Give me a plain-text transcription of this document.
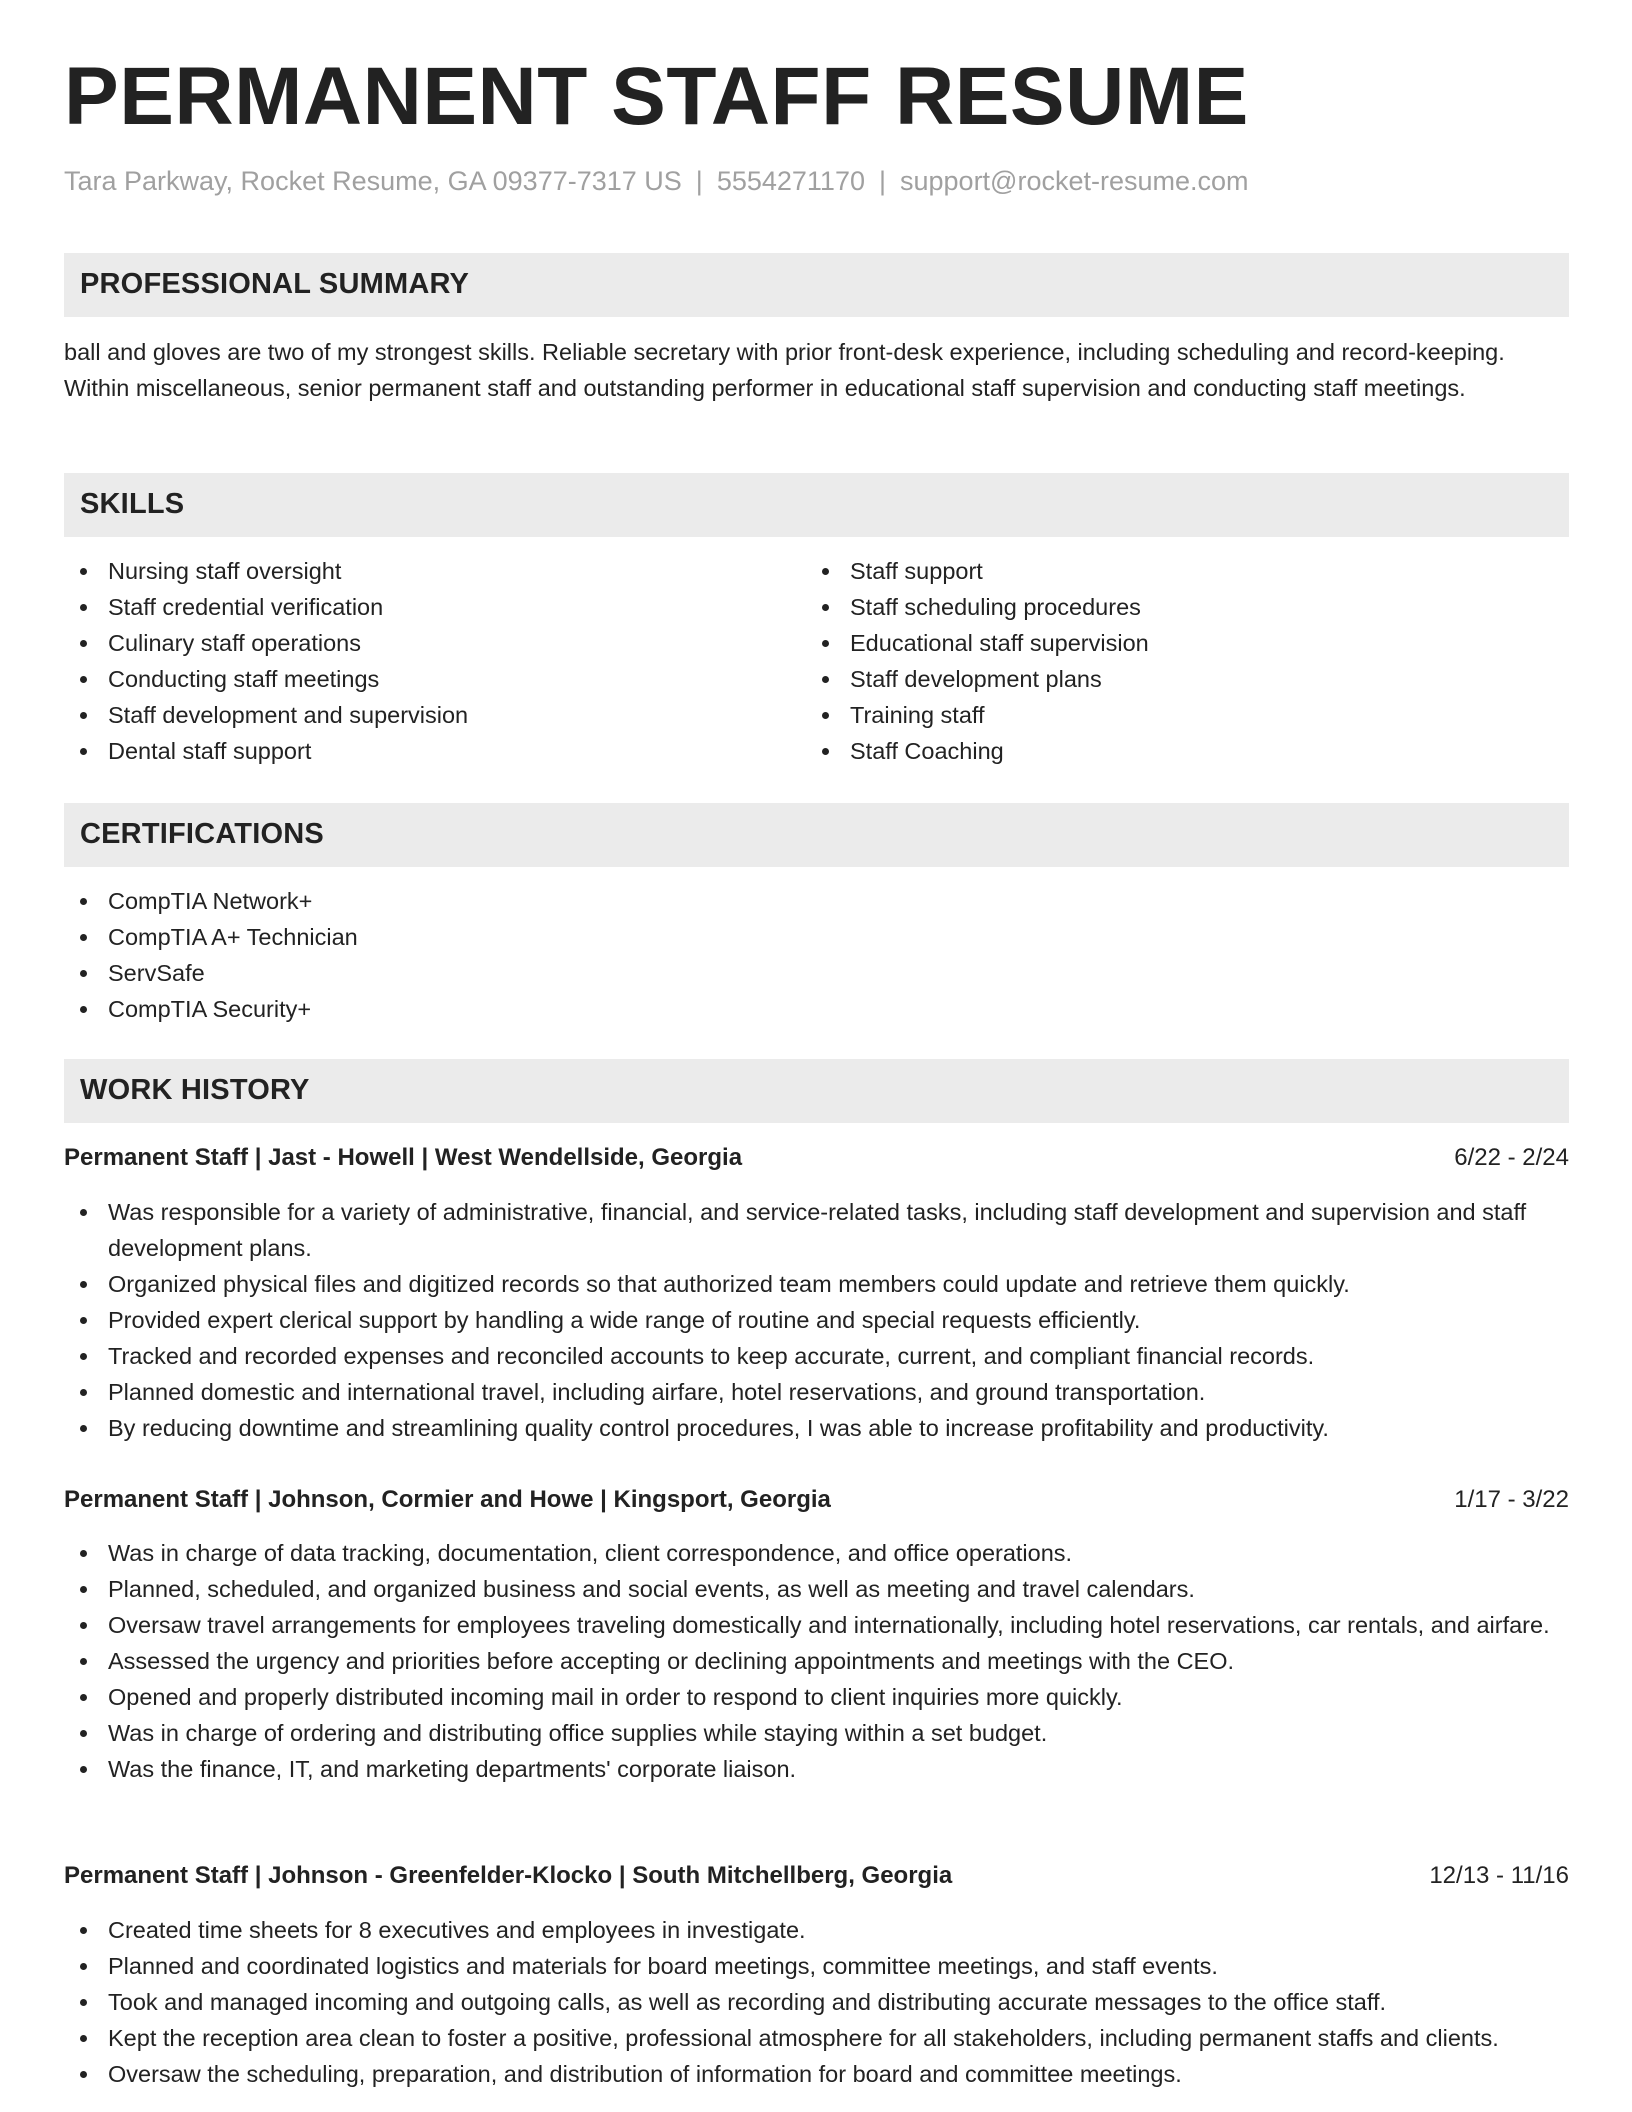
PERMANENT STAFF RESUME
Tara Parkway, Rocket Resume, GA 09377-7317 US | 5554271170 | support@rocket-resume.com
PROFESSIONAL SUMMARY
ball and gloves are two of my strongest skills. Reliable secretary with prior front-desk experience, including scheduling and record-keeping. Within miscellaneous, senior permanent staff and outstanding performer in educational staff supervision and conducting staff meetings.
SKILLS
Nursing staff oversight
Staff credential verification
Culinary staff operations
Conducting staff meetings
Staff development and supervision
Dental staff support
Staff support
Staff scheduling procedures
Educational staff supervision
Staff development plans
Training staff
Staff Coaching
CERTIFICATIONS
CompTIA Network+
CompTIA A+ Technician
ServSafe
CompTIA Security+
WORK HISTORY
Permanent Staff | Jast - Howell | West Wendellside, Georgia	6/22 - 2/24
Was responsible for a variety of administrative, financial, and service-related tasks, including staff development and supervision and staff development plans.
Organized physical files and digitized records so that authorized team members could update and retrieve them quickly.
Provided expert clerical support by handling a wide range of routine and special requests efficiently.
Tracked and recorded expenses and reconciled accounts to keep accurate, current, and compliant financial records.
Planned domestic and international travel, including airfare, hotel reservations, and ground transportation.
By reducing downtime and streamlining quality control procedures, I was able to increase profitability and productivity.
Permanent Staff | Johnson, Cormier and Howe | Kingsport, Georgia	1/17 - 3/22
Was in charge of data tracking, documentation, client correspondence, and office operations.
Planned, scheduled, and organized business and social events, as well as meeting and travel calendars.
Oversaw travel arrangements for employees traveling domestically and internationally, including hotel reservations, car rentals, and airfare.
Assessed the urgency and priorities before accepting or declining appointments and meetings with the CEO.
Opened and properly distributed incoming mail in order to respond to client inquiries more quickly.
Was in charge of ordering and distributing office supplies while staying within a set budget.
Was the finance, IT, and marketing departments' corporate liaison.
Permanent Staff | Johnson - Greenfelder-Klocko | South Mitchellberg, Georgia	12/13 - 11/16
Created time sheets for 8 executives and employees in investigate.
Planned and coordinated logistics and materials for board meetings, committee meetings, and staff events.
Took and managed incoming and outgoing calls, as well as recording and distributing accurate messages to the office staff.
Kept the reception area clean to foster a positive, professional atmosphere for all stakeholders, including permanent staffs and clients.
Oversaw the scheduling, preparation, and distribution of information for board and committee meetings.
